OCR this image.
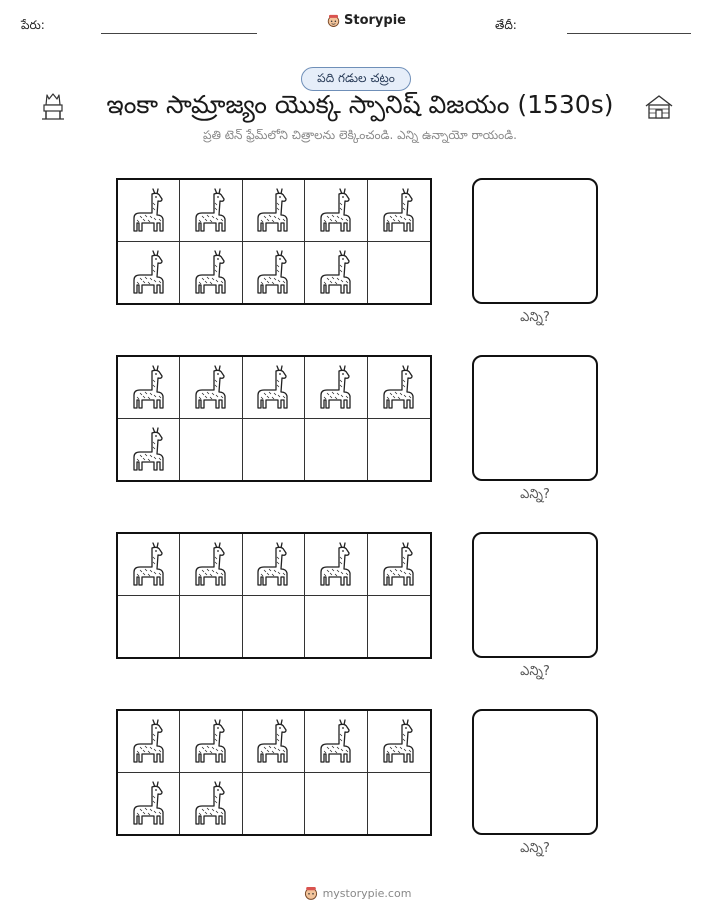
పేరు:	Storypie	తేదీ:
పది గడుల చట్రం
ఇంకా సామ్రాజ్యం యొక్క స్పానిష్ విజయం (1530s)
ప్రతి టెన్ ఫ్రేమ్‌లోని చిత్రాలను లెక్కించండి. ఎన్ని ఉన్నాయో రాయండి.
ఎన్ని?
ఎన్ని?
ఎన్ని?
ఎన్ని?
mystorypie.com
